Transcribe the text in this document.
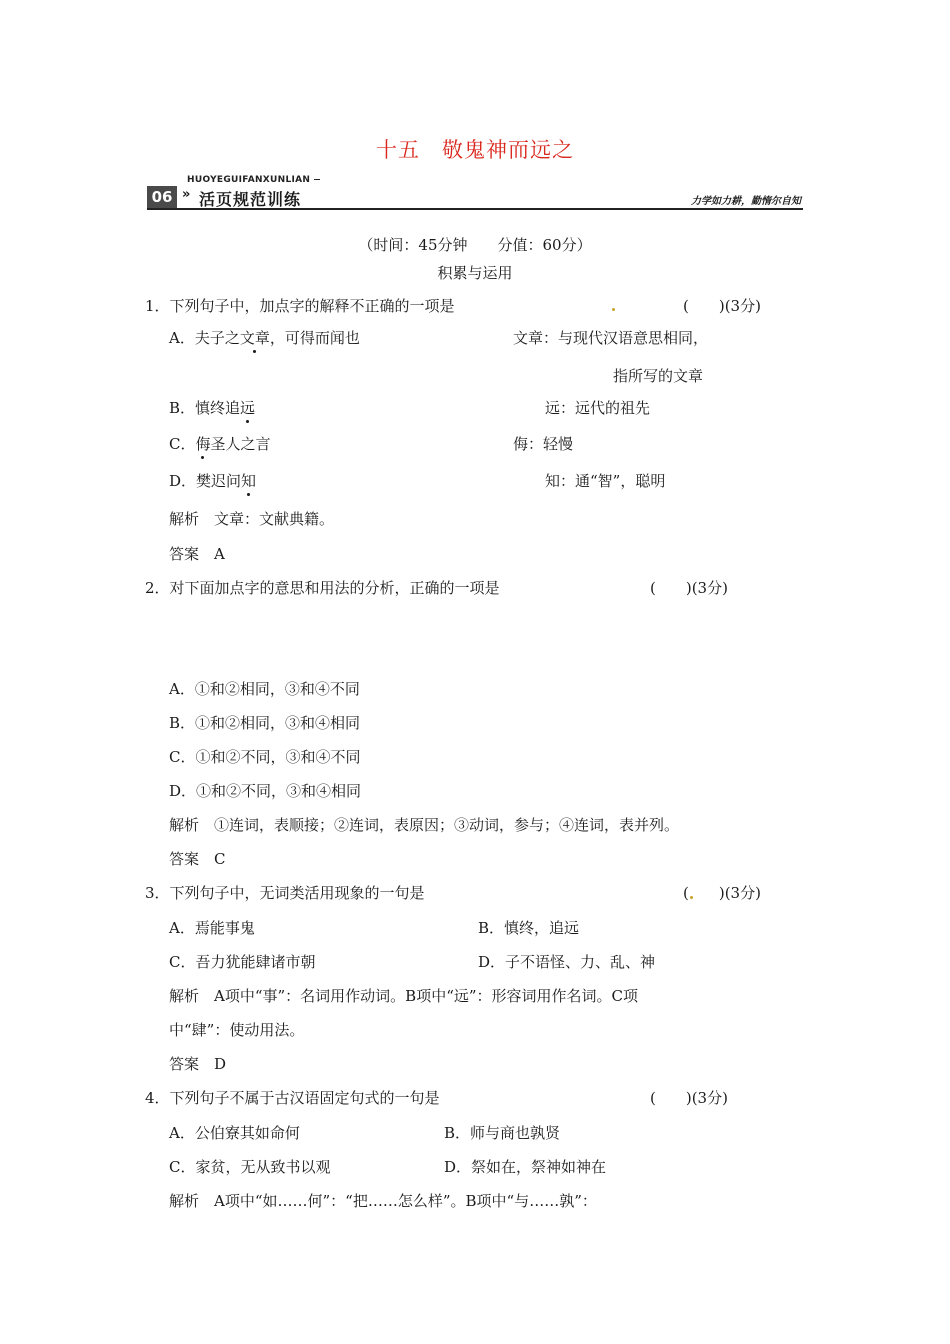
十五 敬鬼神而远之
HUOYEGUIFANXUNLIAN
06 » 活页规范训练	力学如力耕，勤惰尔自知
（时间：45分钟　　分值：60分）
积累与运用
1．下列句子中，加点字的解释不正确的一项是	(　　)(3分)
A．夫子之文章，可得而闻也	文章：与现代汉语意思相同，
指所写的文章
B．慎终追远	远：远代的祖先
C．侮圣人之言	侮：轻慢
D．樊迟问知	知：通“智”，聪明
解析　文章：文献典籍。
答案　A
2．对下面加点字的意思和用法的分析，正确的一项是	(　　)(3分)
A．①和②相同，③和④不同
B．①和②相同，③和④相同
C．①和②不同，③和④不同
D．①和②不同，③和④相同
解析　①连词，表顺接；②连词，表原因；③动词，参与；④连词，表并列。
答案　C
3．下列句子中，无词类活用现象的一句是	(　　)(3分)
A．焉能事鬼	B．慎终，追远
C．吾力犹能肆诸市朝	D．子不语怪、力、乱、神
解析　A项中“事”：名词用作动词。B项中“远”：形容词用作名词。C项
中“肆”：使动用法。
答案　D
4．下列句子不属于古汉语固定句式的一句是	(　　)(3分)
A．公伯寮其如命何	B．师与商也孰贤
C．家贫，无从致书以观	D．祭如在，祭神如神在
解析　A项中“如……何”：“把……怎么样”。B项中“与……孰”：
